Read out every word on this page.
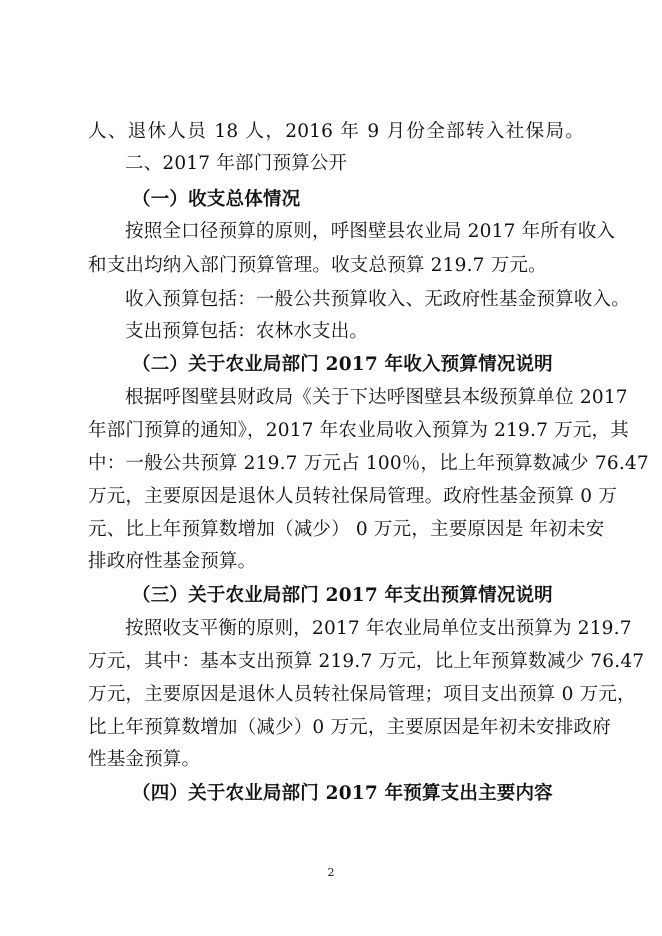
人、退休人员 18 人，2016 年 9 月份全部转入社保局。
二、2017 年部门预算公开
（一）收支总体情况
按照全口径预算的原则，呼图壁县农业局 2017 年所有收入
和支出均纳入部门预算管理。收支总预算 219.7 万元。
收入预算包括：一般公共预算收入、无政府性基金预算收入。
支出预算包括：农林水支出。
（二）关于农业局部门 2017 年收入预算情况说明
根据呼图壁县财政局《关于下达呼图壁县本级预算单位 2017
年部门预算的通知》，2017 年农业局收入预算为 219.7 万元，其
中：一般公共预算 219.7 万元占 100％，比上年预算数减少 76.47
万元，主要原因是退休人员转社保局管理。政府性基金预算 0 万
元、比上年预算数增加（减少） 0 万元，主要原因是 年初未安
排政府性基金预算。
（三）关于农业局部门 2017 年支出预算情况说明
按照收支平衡的原则，2017 年农业局单位支出预算为 219.7
万元，其中：基本支出预算 219.7 万元，比上年预算数减少 76.47
万元，主要原因是退休人员转社保局管理；项目支出预算 0 万元，
比上年预算数增加（减少）0 万元，主要原因是年初未安排政府
性基金预算。
（四）关于农业局部门 2017 年预算支出主要内容
2
